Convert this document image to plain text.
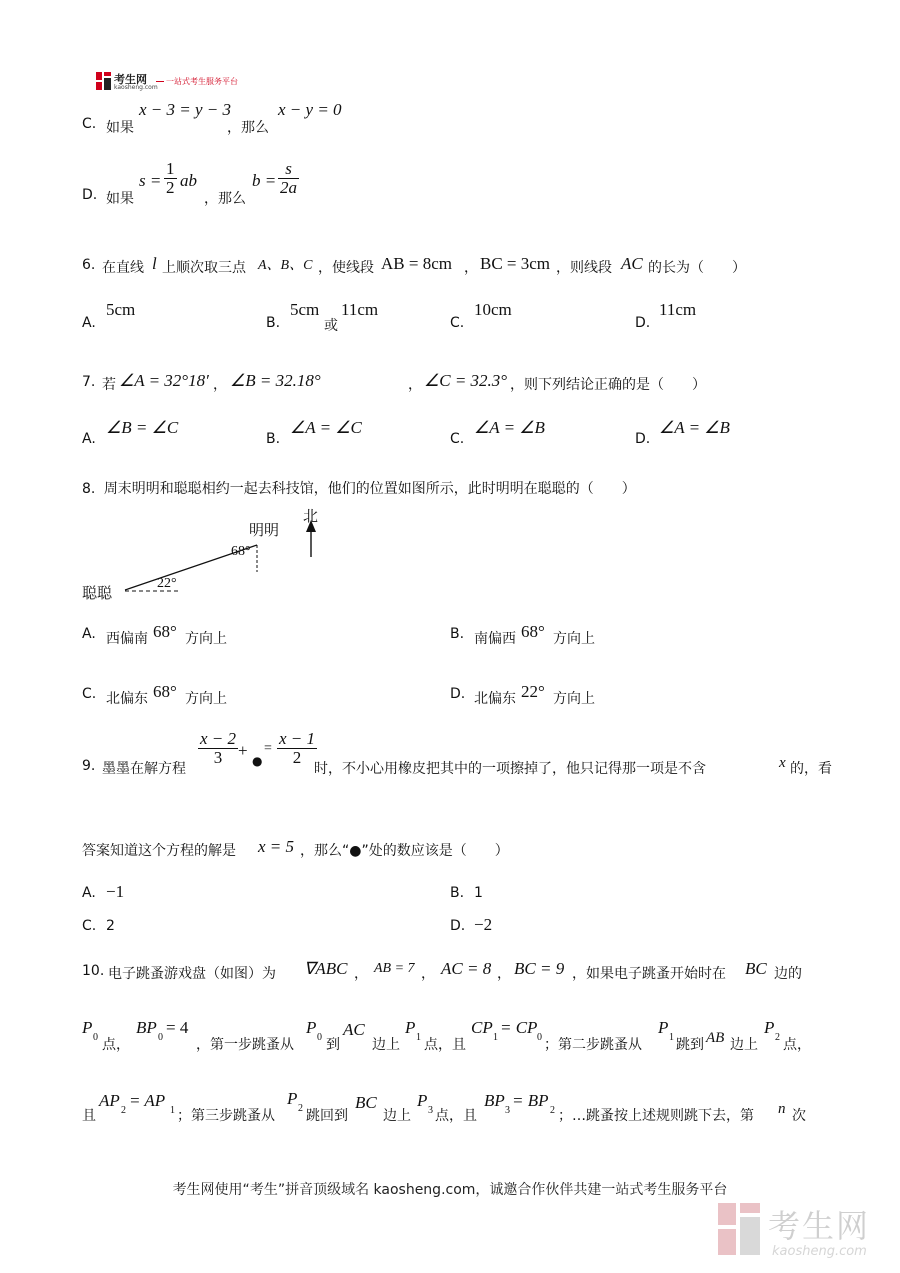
考生网
kaosheng.com
一站式考生服务平台
C. 如果
x − 3 = y − 3
，那么
x − y = 0
D. 如果
$s = \frac{1}{2}$ ab
，那么
$b = \frac{s}{2a}$
6. 在直线 l 上顺次取三点 A、B、C ，使线段 AB = 8cm ， BC = 3cm ，则线段 AC 的长为（　　）
A.
5cm
B.
5cm
或
11cm
C.
10cm
D.
11cm
7. 若 ∠A = 32°18′ ， ∠B = 32.18°	， ∠C = 32.3° ，则下列结论正确的是（　　）
A.
∠B = ∠C
B.
∠A = ∠C
C.
∠A = ∠B
D.
∠A = ∠B
8. 周末明明和聪聪相约一起去科技馆，他们的位置如图所示，此时明明在聪聪的（　　）
北
明明
68°
聪聪
22°
A. 西偏南 68° 方向上	B. 南偏西 68° 方向上
C. 北偏东 68° 方向上	D. 北偏东 22° 方向上
9. 墨墨在解方程
$\frac{x - 2}{3}$ +
●
= $\frac{x - 1}{2}$
时，不小心用橡皮把其中的一项擦掉了，他只记得那一项是不含	x 的，看
答案知道这个方程的解是 x = 5 ，那么“●”处的数应该是（　　）
A. −1	B. 1
C. 2	D. −2
10. 电子跳蚤游戏盘（如图）为 ∇ABC ， AB = 7 ， AC = 8 ， BC = 9 ，如果电子跳蚤开始时在 BC 边的
P
0 点，
BP
0
= 4
，第一步跳蚤从
P
0 到
AC
边上
P
1 点，且
CP
1
= CP
0 ；第二步跳蚤从
P
1 跳到 AB 边上
P
2 点，
且
AP
2
= AP
1 ；第三步跳蚤从
P
2 跳回到
BC
边上
P
3 点，且
BP
3
= BP
2 ；…跳蚤按上述规则跳下去，第 n 次
考生网使用“考生”拼音顶级域名 kaosheng.com，诚邀合作伙伴共建一站式考生服务平台
考生网
kaosheng.com
